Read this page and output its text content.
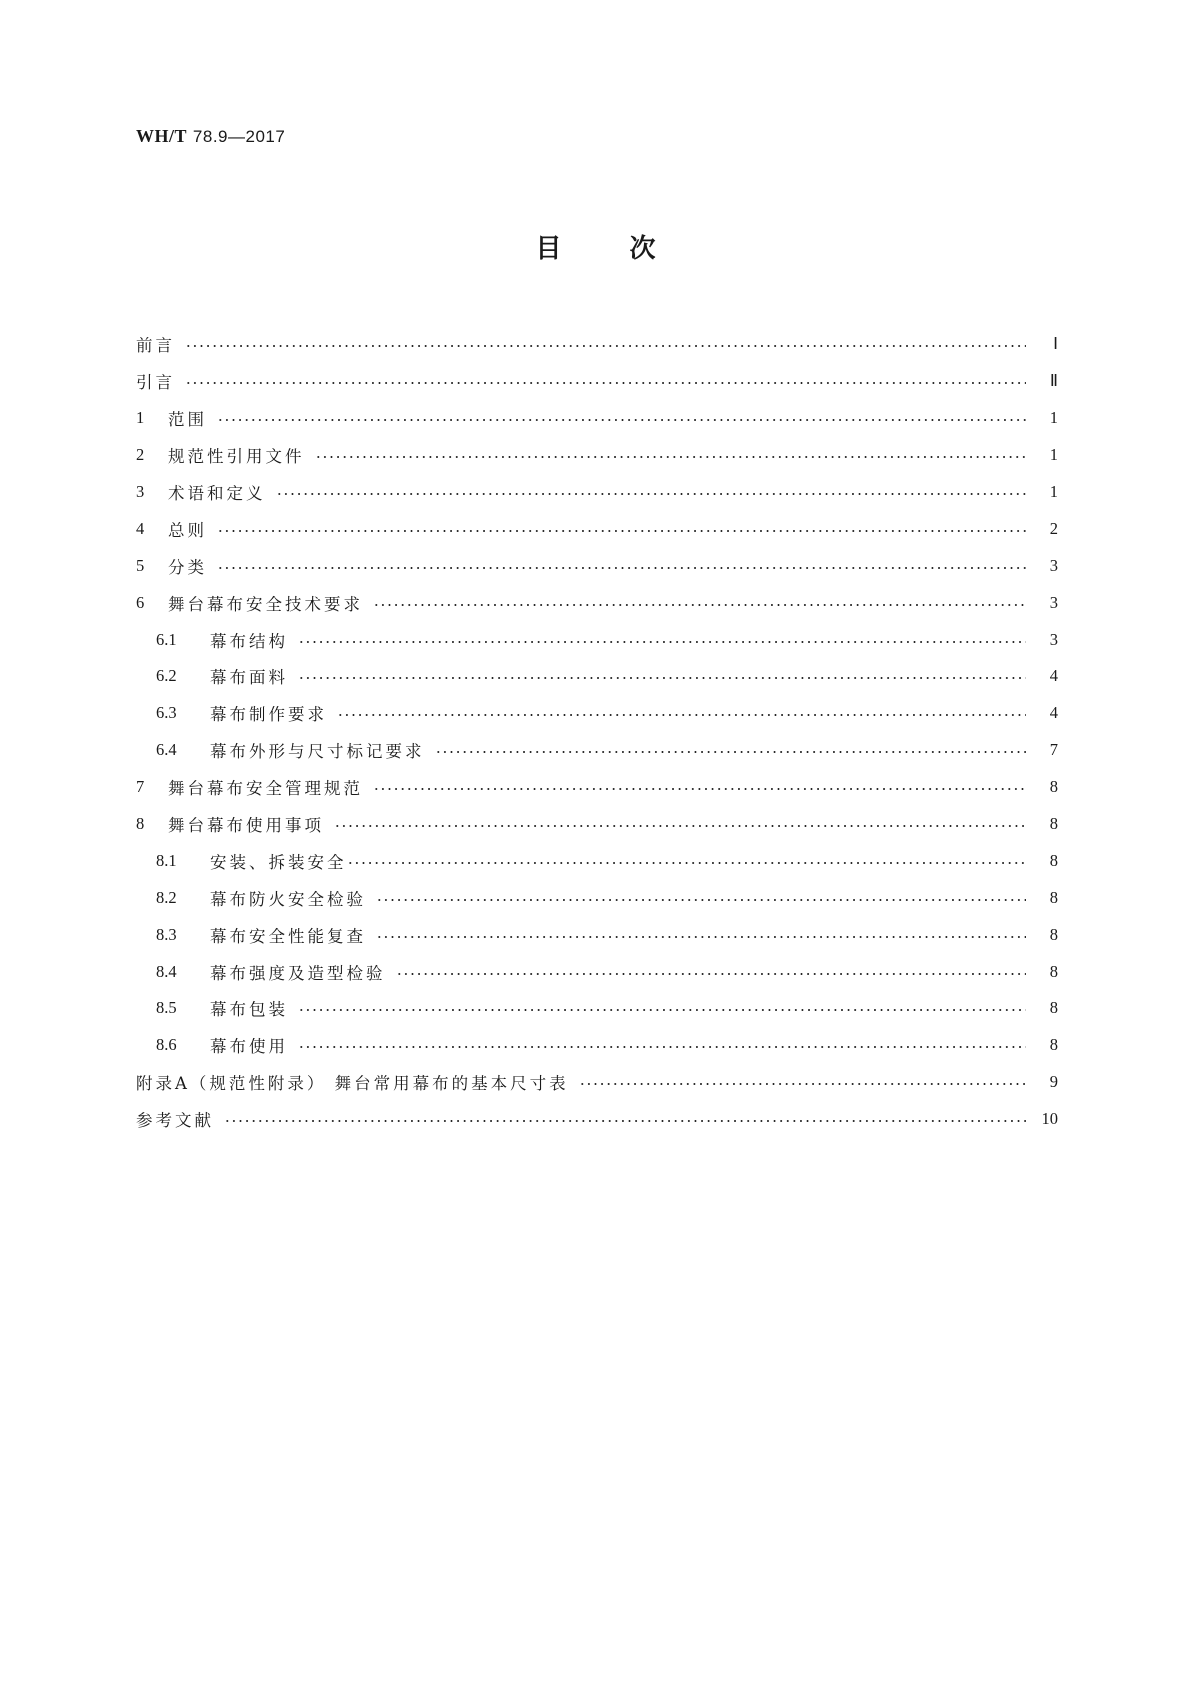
WH/T 78.9—2017
目	次
前言	Ⅰ
引言	Ⅱ
1	范围	1
2	规范性引用文件	1
3	术语和定义	1
4	总则	2
5	分类	3
6	舞台幕布安全技术要求	3
6.1	幕布结构	3
6.2	幕布面料	4
6.3	幕布制作要求	4
6.4	幕布外形与尺寸标记要求	7
7	舞台幕布安全管理规范	8
8	舞台幕布使用事项	8
8.1	安装、拆装安全	8
8.2	幕布防火安全检验	8
8.3	幕布安全性能复查	8
8.4	幕布强度及造型检验	8
8.5	幕布包装	8
8.6	幕布使用	8
附录A（规范性附录） 舞台常用幕布的基本尺寸表	9
参考文献	10
